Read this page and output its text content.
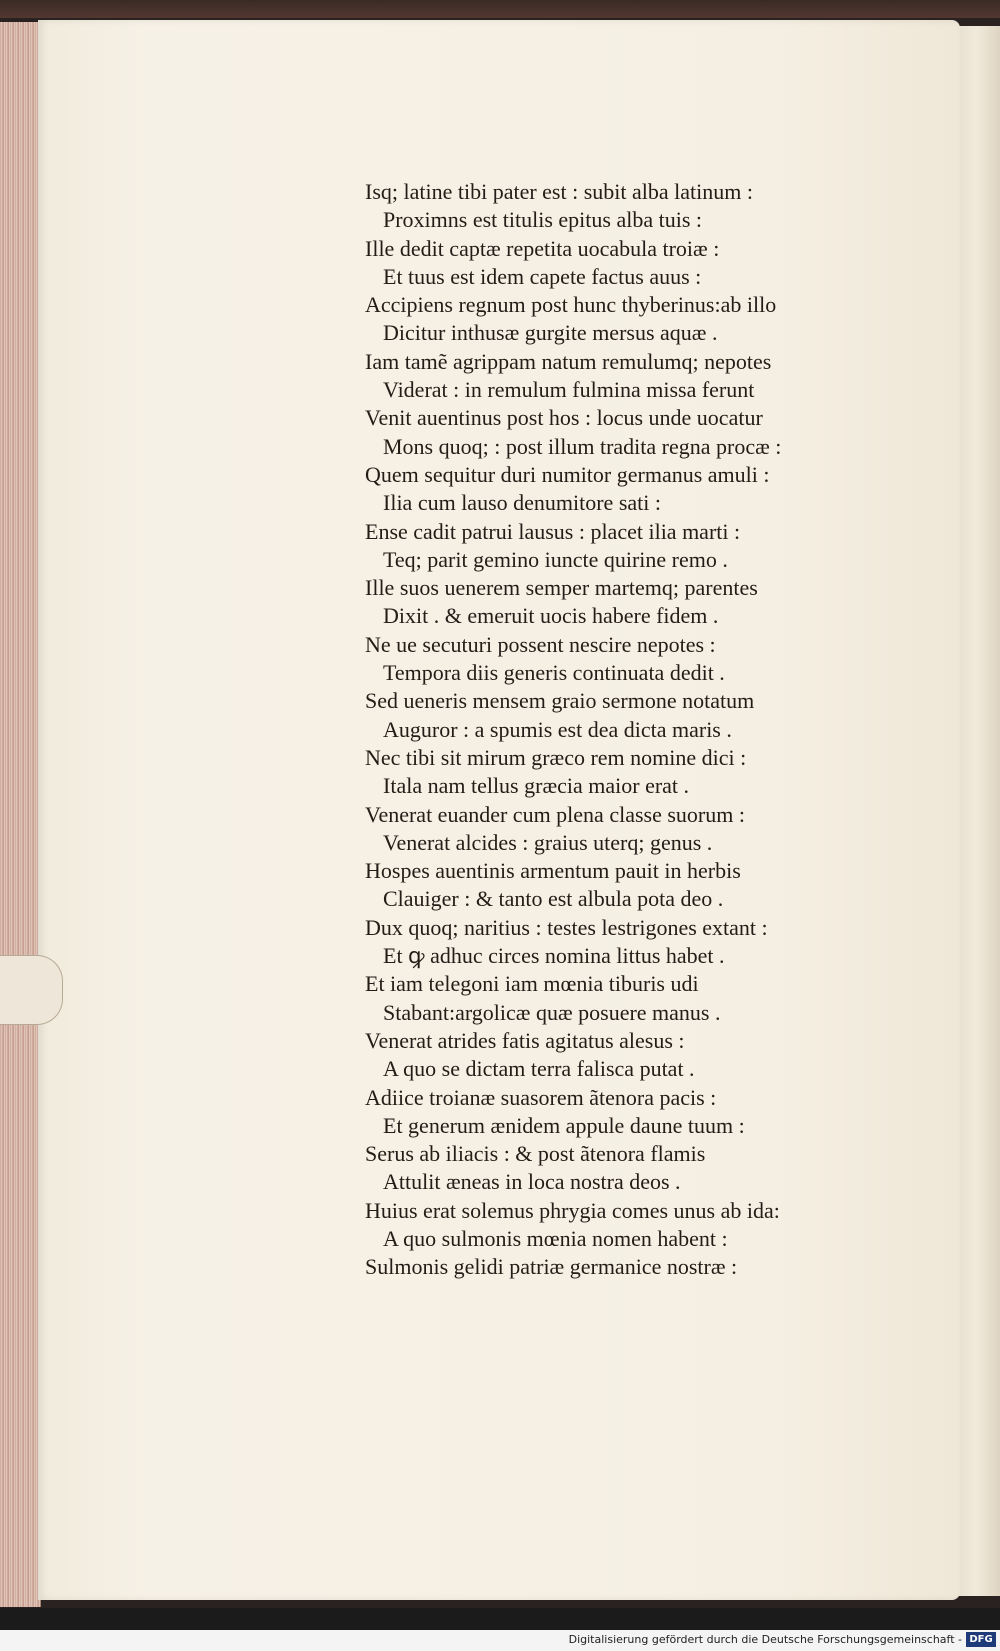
Isq; latine tibi pater est : subit alba latinum :

Proximns est titulis epitus alba tuis :

Ille dedit captæ repetita uocabula troiæ :

Et tuus est idem capete factus auus :

Accipiens regnum post hunc thyberinus:ab illo

Dicitur inthusæ gurgite mersus aquæ .

Iam tamẽ agrippam natum remulumq; nepotes

Viderat : in remulum fulmina missa ferunt

Venit auentinus post hos : locus unde uocatur

Mons quoq; : post illum tradita regna procæ :

Quem sequitur duri numitor germanus amuli :

Ilia cum lauso denumitore sati :

Ense cadit patrui lausus : placet ilia marti :

Teq; parit gemino iuncte quirine remo .

Ille suos uenerem semper martemq; parentes

Dixit . & emeruit uocis habere fidem .

Ne ue secuturi possent nescire nepotes :

Tempora diis generis continuata dedit .

Sed ueneris mensem graio sermone notatum

Auguror : a spumis est dea dicta maris .

Nec tibi sit mirum græco rem nomine dici :

Itala nam tellus græcia maior erat .

Venerat euander cum plena classe suorum :

Venerat alcides : graius uterq; genus .

Hospes auentinis armentum pauit in herbis

Clauiger : & tanto est albula pota deo .

Dux quoq; naritius : testes lestrigones extant :

Et ꝙ adhuc circes nomina littus habet .

Et iam telegoni iam mœnia tiburis udi

Stabant:argolicæ quæ posuere manus .

Venerat atrides fatis agitatus alesus :

A quo se dictam terra falisca putat .

Adiice troianæ suasorem ãtenora pacis :

Et generum ænidem appule daune tuum :

Serus ab iliacis : & post ãtenora flamis

Attulit æneas in loca nostra deos .

Huius erat solemus phrygia comes unus ab ida:

A quo sulmonis mœnia nomen habent :

Sulmonis gelidi patriæ germanice nostræ :

Digitalisierung gefördert durch die Deutsche Forschungsgemeinschaft - DFG
